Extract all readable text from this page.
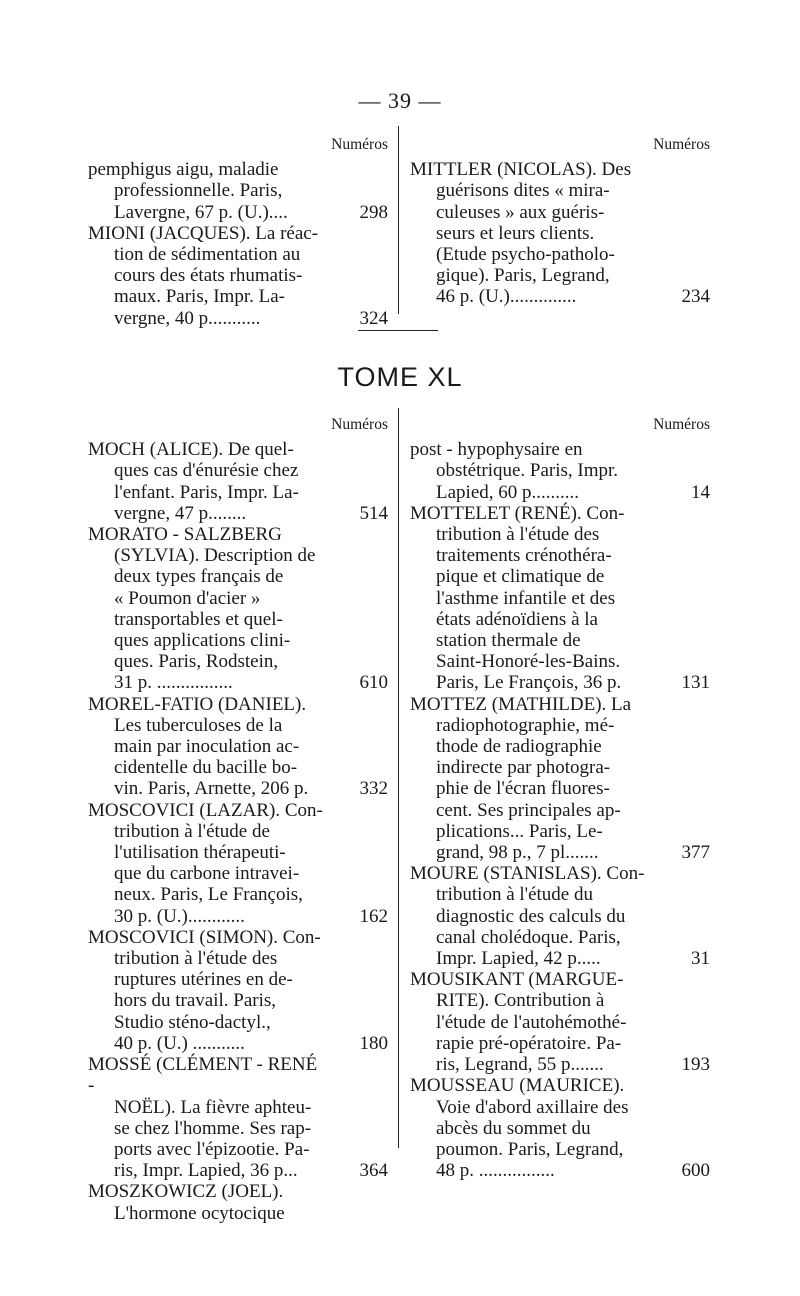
— 39 —
Numéros
pemphigus aigu, maladie
professionnelle. Paris,
Lavergne, 67 p. (U.)....	298
MIONI (JACQUES). La réac-
tion de sédimentation au
cours des états rhumatis-
maux. Paris, Impr. La-
vergne, 40 p...........	324
Numéros
MITTLER (NICOLAS). Des
guérisons dites « mira-
culeuses » aux guéris-
seurs et leurs clients.
(Etude psycho-patholo-
gique). Paris, Legrand,
46 p. (U.)..............	234
TOME XL
Numéros
MOCH (ALICE). De quel-
ques cas d'énurésie chez
l'enfant. Paris, Impr. La-
vergne, 47 p........	514
MORATO - SALZBERG
(SYLVIA). Description de
deux types français de
« Poumon d'acier »
transportables et quel-
ques applications clini-
ques. Paris, Rodstein,
31 p. ................	610
MOREL-FATIO (DANIEL).
Les tuberculoses de la
main par inoculation ac-
cidentelle du bacille bo-
vin. Paris, Arnette, 206 p.	332
MOSCOVICI (LAZAR). Con-
tribution à l'étude de
l'utilisation thérapeuti-
que du carbone intravei-
neux. Paris, Le François,
30 p. (U.)............	162
MOSCOVICI (SIMON). Con-
tribution à l'étude des
ruptures utérines en de-
hors du travail. Paris,
Studio sténo-dactyl.,
40 p. (U.) ...........	180
MOSSÉ (CLÉMENT - RENÉ -
NOËL). La fièvre aphteu-
se chez l'homme. Ses rap-
ports avec l'épizootie. Pa-
ris, Impr. Lapied, 36 p...	364
MOSZKOWICZ (JOEL).
L'hormone ocytocique
Numéros
post - hypophysaire en
obstétrique. Paris, Impr.
Lapied, 60 p..........	14
MOTTELET (RENÉ). Con-
tribution à l'étude des
traitements crénothéra-
pique et climatique de
l'asthme infantile et des
états adénoïdiens à la
station thermale de
Saint-Honoré-les-Bains.
Paris, Le François, 36 p.	131
MOTTEZ (MATHILDE). La
radiophotographie, mé-
thode de radiographie
indirecte par photogra-
phie de l'écran fluores-
cent. Ses principales ap-
plications... Paris, Le-
grand, 98 p., 7 pl.......	377
MOURE (STANISLAS). Con-
tribution à l'étude du
diagnostic des calculs du
canal cholédoque. Paris,
Impr. Lapied, 42 p.....	31
MOUSIKANT (MARGUE-
RITE). Contribution à
l'étude de l'autohémothé-
rapie pré-opératoire. Pa-
ris, Legrand, 55 p.......	193
MOUSSEAU (MAURICE).
Voie d'abord axillaire des
abcès du sommet du
poumon. Paris, Legrand,
48 p. ................	600
